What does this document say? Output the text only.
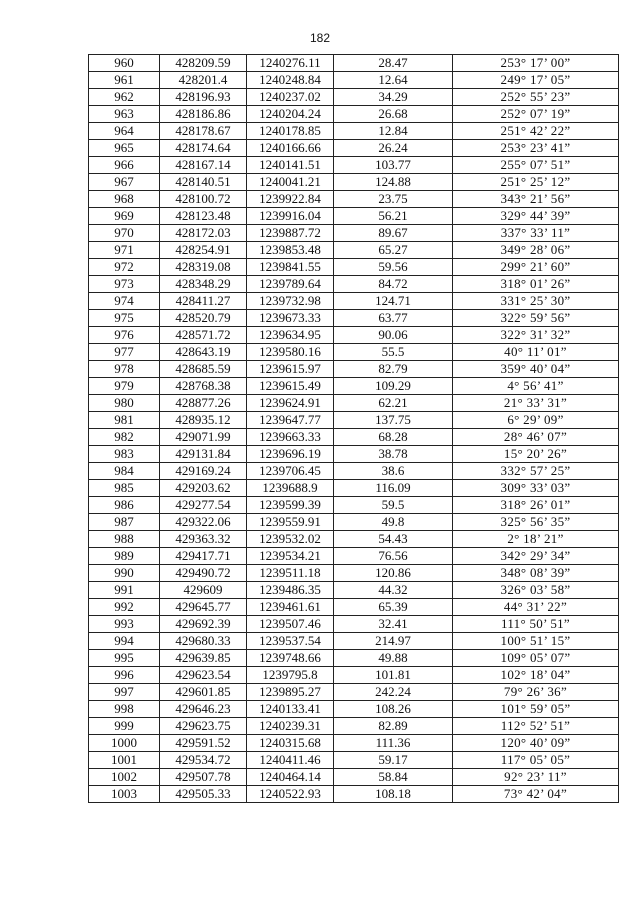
182
960	428209.59	1240276.11	28.47	253° 17’ 00”
961	428201.4	1240248.84	12.64	249° 17’ 05”
962	428196.93	1240237.02	34.29	252° 55’ 23”
963	428186.86	1240204.24	26.68	252° 07’ 19”
964	428178.67	1240178.85	12.84	251° 42’ 22”
965	428174.64	1240166.66	26.24	253° 23’ 41”
966	428167.14	1240141.51	103.77	255° 07’ 51”
967	428140.51	1240041.21	124.88	251° 25’ 12”
968	428100.72	1239922.84	23.75	343° 21’ 56”
969	428123.48	1239916.04	56.21	329° 44’ 39”
970	428172.03	1239887.72	89.67	337° 33’ 11”
971	428254.91	1239853.48	65.27	349° 28’ 06”
972	428319.08	1239841.55	59.56	299° 21’ 60”
973	428348.29	1239789.64	84.72	318° 01’ 26”
974	428411.27	1239732.98	124.71	331° 25’ 30”
975	428520.79	1239673.33	63.77	322° 59’ 56”
976	428571.72	1239634.95	90.06	322° 31’ 32”
977	428643.19	1239580.16	55.5	40° 11’ 01”
978	428685.59	1239615.97	82.79	359° 40’ 04”
979	428768.38	1239615.49	109.29	4° 56’ 41”
980	428877.26	1239624.91	62.21	21° 33’ 31”
981	428935.12	1239647.77	137.75	6° 29’ 09”
982	429071.99	1239663.33	68.28	28° 46’ 07”
983	429131.84	1239696.19	38.78	15° 20’ 26”
984	429169.24	1239706.45	38.6	332° 57’ 25”
985	429203.62	1239688.9	116.09	309° 33’ 03”
986	429277.54	1239599.39	59.5	318° 26’ 01”
987	429322.06	1239559.91	49.8	325° 56’ 35”
988	429363.32	1239532.02	54.43	2° 18’ 21”
989	429417.71	1239534.21	76.56	342° 29’ 34”
990	429490.72	1239511.18	120.86	348° 08’ 39”
991	429609	1239486.35	44.32	326° 03’ 58”
992	429645.77	1239461.61	65.39	44° 31’ 22”
993	429692.39	1239507.46	32.41	111° 50’ 51”
994	429680.33	1239537.54	214.97	100° 51’ 15”
995	429639.85	1239748.66	49.88	109° 05’ 07”
996	429623.54	1239795.8	101.81	102° 18’ 04”
997	429601.85	1239895.27	242.24	79° 26’ 36”
998	429646.23	1240133.41	108.26	101° 59’ 05”
999	429623.75	1240239.31	82.89	112° 52’ 51”
1000	429591.52	1240315.68	111.36	120° 40’ 09”
1001	429534.72	1240411.46	59.17	117° 05’ 05”
1002	429507.78	1240464.14	58.84	92° 23’ 11”
1003	429505.33	1240522.93	108.18	73° 42’ 04”
